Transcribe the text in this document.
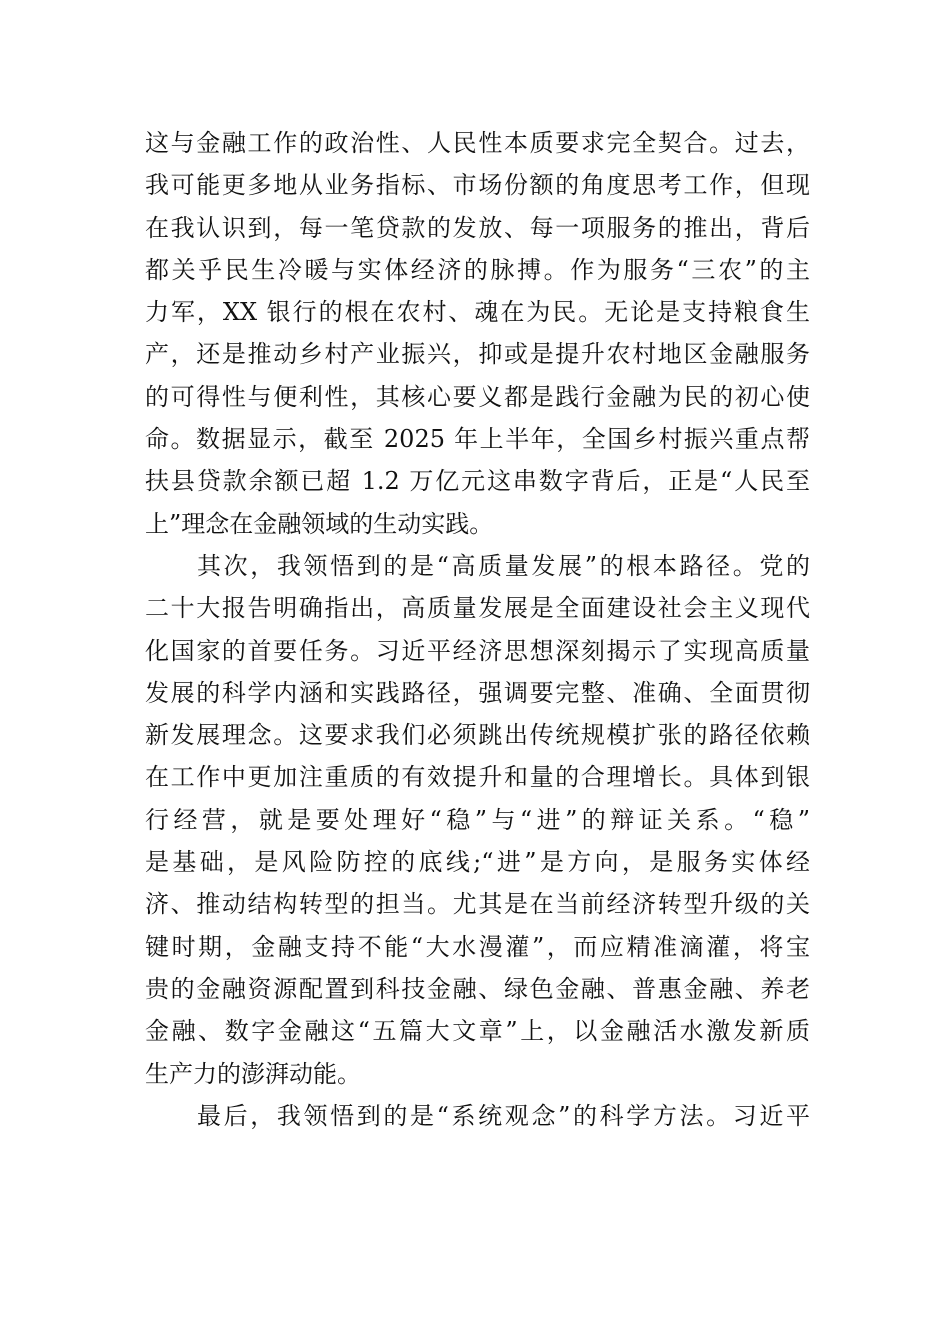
这与金融工作的政治性、人民性本质要求完全契合。过去，
我可能更多地从业务指标、市场份额的角度思考工作，但现
在我认识到，每一笔贷款的发放、每一项服务的推出，背后
都关乎民生冷暖与实体经济的脉搏。作为服务“三农”的主
力军，XX 银行的根在农村、魂在为民。无论是支持粮食生
产，还是推动乡村产业振兴，抑或是提升农村地区金融服务
的可得性与便利性，其核心要义都是践行金融为民的初心使
命。数据显示，截至 2025 年上半年，全国乡村振兴重点帮
扶县贷款余额已超 1.2 万亿元这串数字背后，正是“人民至
上”理念在金融领域的生动实践。
其次，我领悟到的是“高质量发展”的根本路径。党的
二十大报告明确指出，高质量发展是全面建设社会主义现代
化国家的首要任务。习近平经济思想深刻揭示了实现高质量
发展的科学内涵和实践路径，强调要完整、准确、全面贯彻
新发展理念。这要求我们必须跳出传统规模扩张的路径依赖
在工作中更加注重质的有效提升和量的合理增长。具体到银
行经营，就是要处理好“稳”与“进”的辩证关系。“稳”
是基础，是风险防控的底线;“进”是方向，是服务实体经
济、推动结构转型的担当。尤其是在当前经济转型升级的关
键时期，金融支持不能“大水漫灌”，而应精准滴灌，将宝
贵的金融资源配置到科技金融、绿色金融、普惠金融、养老
金融、数字金融这“五篇大文章”上，以金融活水激发新质
生产力的澎湃动能。
最后，我领悟到的是“系统观念”的科学方法。习近平
